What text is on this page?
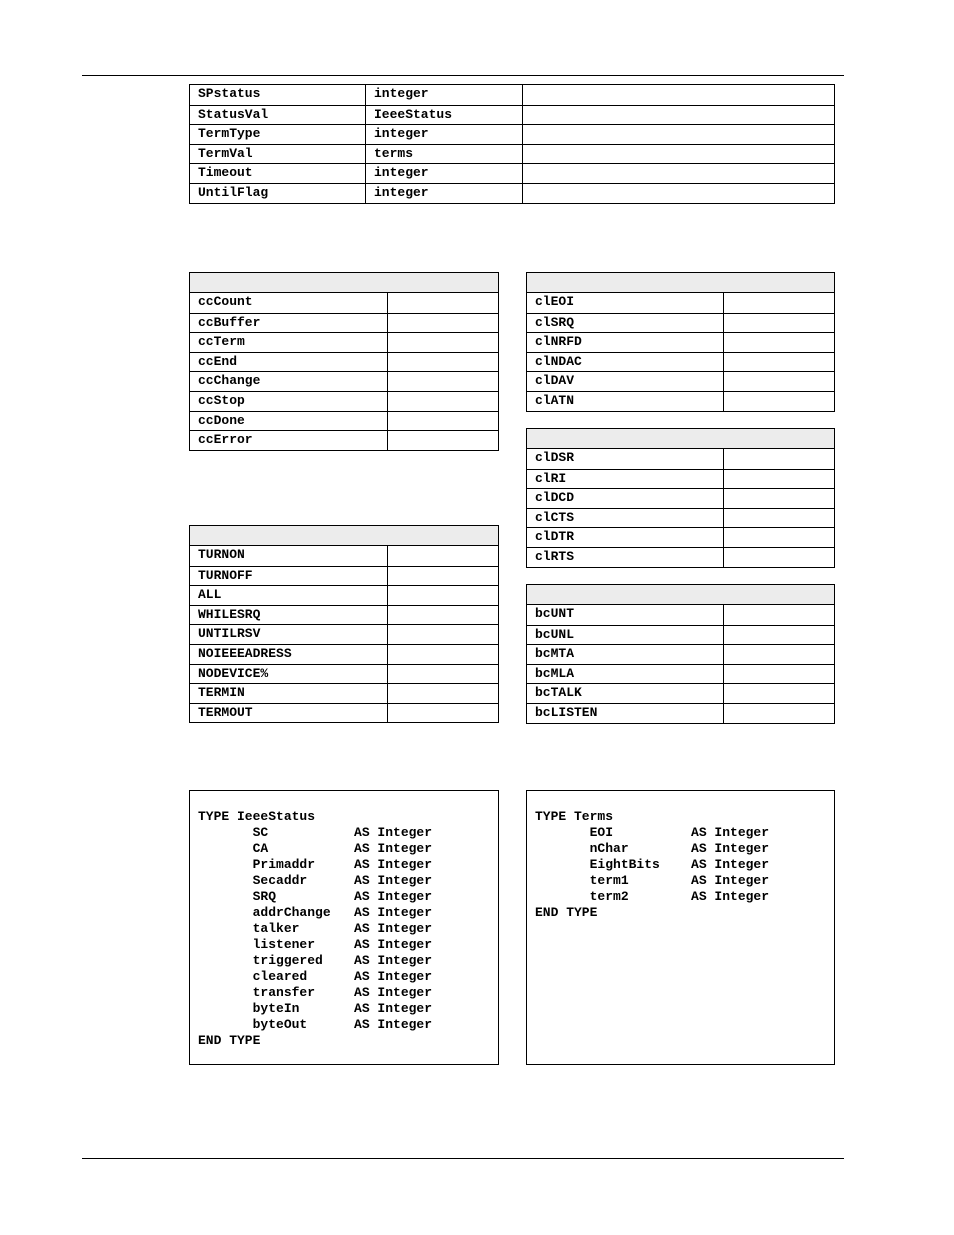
SPstatus	integer
StatusVal	IeeeStatus
TermType	integer
TermVal	terms
Timeout	integer
UntilFlag	integer
ccCount
ccBuffer
ccTerm
ccEnd
ccChange
ccStop
ccDone
ccError
clEOI
clSRQ
clNRFD
clNDAC
clDAV
clATN
clDSR
clRI
clDCD
clCTS
clDTR
clRTS
TURNON
TURNOFF
ALL
WHILESRQ
UNTILRSV
NOIEEEADRESS
NODEVICE%
TERMIN
TERMOUT
bcUNT
bcUNL
bcMTA
bcMLA
bcTALK
bcLISTEN
TYPE IeeeStatus
SC           AS Integer
CA           AS Integer
Primaddr     AS Integer
Secaddr      AS Integer
SRQ          AS Integer
addrChange   AS Integer
talker       AS Integer
listener     AS Integer
triggered    AS Integer
cleared      AS Integer
transfer     AS Integer
byteIn       AS Integer
byteOut      AS Integer
END TYPE
TYPE Terms
EOI          AS Integer
nChar        AS Integer
EightBits    AS Integer
term1        AS Integer
term2        AS Integer
END TYPE
